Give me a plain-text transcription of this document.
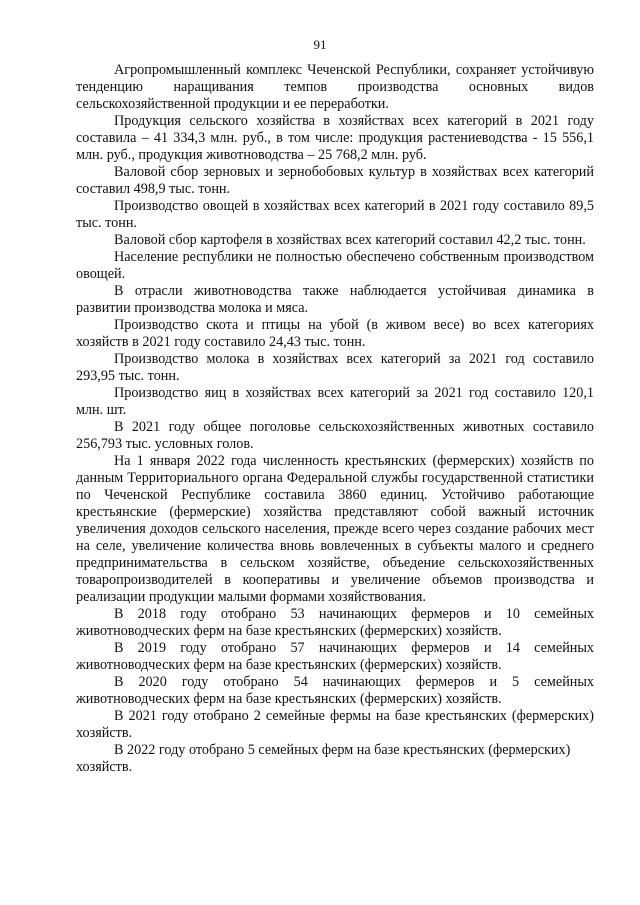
91

Агропромышленный комплекс Чеченской Республики, сохраняет устойчивую тенденцию наращивания темпов производства основных видов сельскохозяйственной продукции и ее переработки.

Продукция сельского хозяйства в хозяйствах всех категорий в 2021 году составила – 41 334,3 млн. руб., в том числе: продукция растениеводства - 15 556,1 млн. руб., продукция животноводства – 25 768,2 млн. руб.

Валовой сбор зерновых и зернобобовых культур в хозяйствах всех категорий составил 498,9 тыс. тонн.

Производство овощей в хозяйствах всех категорий в 2021 году составило 89,5 тыс. тонн.

Валовой сбор картофеля в хозяйствах всех категорий составил 42,2 тыс. тонн.

Население республики не полностью обеспечено собственным производством овощей.

В отрасли животноводства также наблюдается устойчивая динамика в развитии производства молока и мяса.

Производство скота и птицы на убой (в живом весе) во всех категориях хозяйств в 2021 году составило 24,43 тыс. тонн.

Производство молока в хозяйствах всех категорий за 2021 год составило 293,95 тыс. тонн.

Производство яиц в хозяйствах всех категорий за 2021 год составило 120,1 млн. шт.

В 2021 году общее поголовье сельскохозяйственных животных составило 256,793 тыс. условных голов.

На 1 января 2022 года численность крестьянских (фермерских) хозяйств по данным Территориального органа Федеральной службы государственной статистики по Чеченской Республике составила 3860 единиц. Устойчиво работающие крестьянские (фермерские) хозяйства представляют собой важный источник увеличения доходов сельского населения, прежде всего через создание рабочих мест на селе, увеличение количества вновь вовлеченных в субъекты малого и среднего предпринимательства в сельском хозяйстве, объедение сельскохозяйственных товаропроизводителей в кооперативы и увеличение объемов производства и реализации продукции малыми формами хозяйствования.

В 2018 году отобрано 53 начинающих фермеров и 10 семейных животноводческих ферм на базе крестьянских (фермерских) хозяйств.

В 2019 году отобрано 57 начинающих фермеров и 14 семейных животноводческих ферм на базе крестьянских (фермерских) хозяйств.

В 2020 году отобрано 54 начинающих фермеров и 5 семейных животноводческих ферм на базе крестьянских (фермерских) хозяйств.

В 2021 году отобрано 2 семейные фермы на базе крестьянских (фермерских) хозяйств.

В 2022 году отобрано 5 семейных ферм на базе крестьянских (фермерских) хозяйств.
